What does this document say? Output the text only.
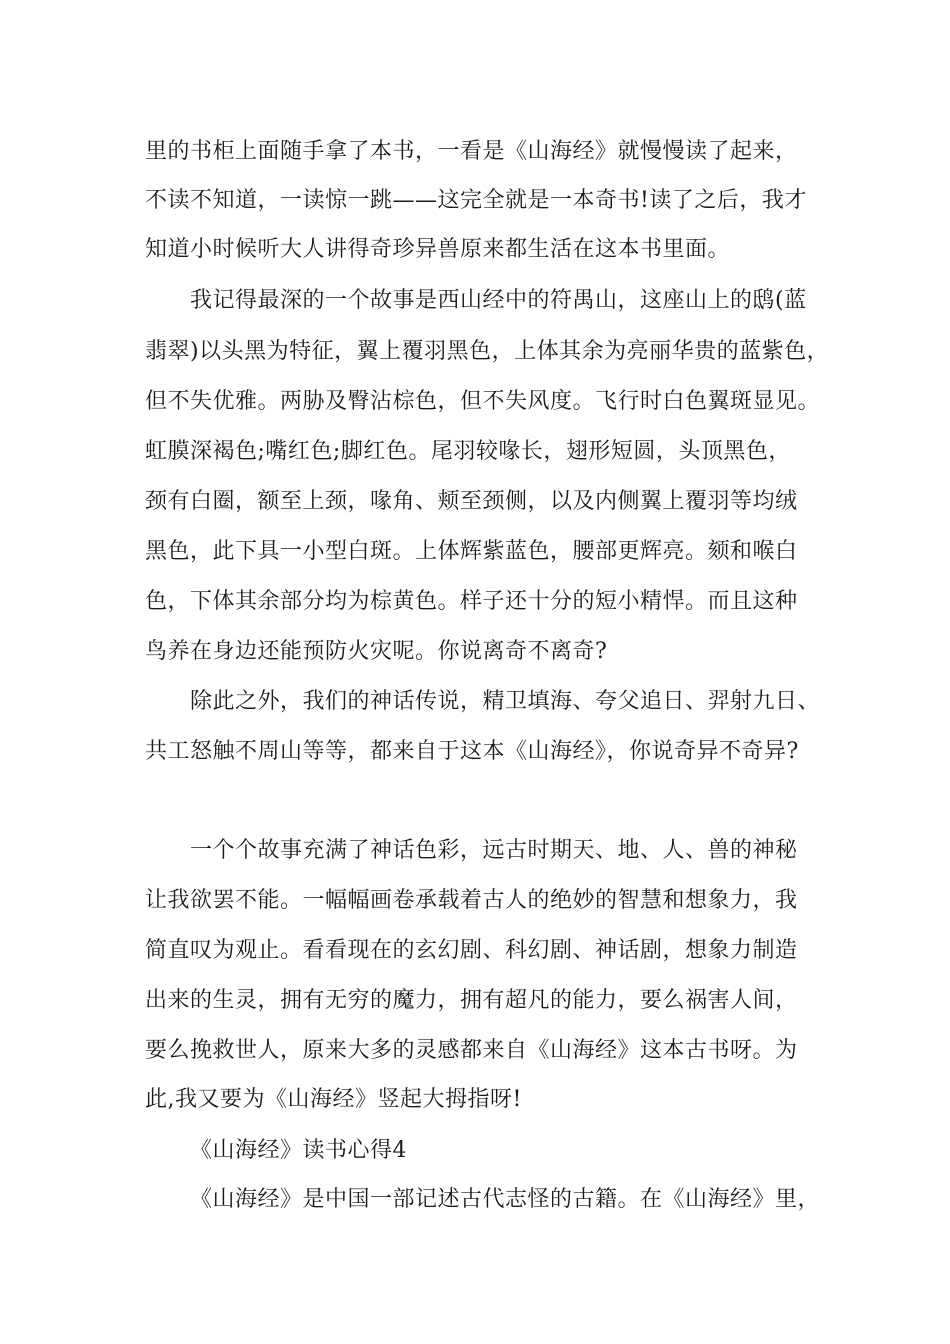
里的书柜上面随手拿了本书，一看是《山海经》就慢慢读了起来，
不读不知道，一读惊一跳——这完全就是一本奇书!读了之后，我才
知道小时候听大人讲得奇珍异兽原来都生活在这本书里面。
我记得最深的一个故事是西山经中的符禺山，这座山上的鸱(蓝
翡翠)以头黑为特征，翼上覆羽黑色，上体其余为亮丽华贵的蓝紫色，
但不失优雅。两胁及臀沾棕色，但不失风度。飞行时白色翼斑显见。
虹膜深褐色;嘴红色;脚红色。尾羽较喙长，翅形短圆，头顶黑色，
颈有白圈，额至上颈，喙角、颊至颈侧，以及内侧翼上覆羽等均绒
黑色，此下具一小型白斑。上体辉紫蓝色，腰部更辉亮。颏和喉白
色，下体其余部分均为棕黄色。样子还十分的短小精悍。而且这种
鸟养在身边还能预防火灾呢。你说离奇不离奇?
除此之外，我们的神话传说，精卫填海、夸父追日、羿射九日、
共工怒触不周山等等，都来自于这本《山海经》，你说奇异不奇异?
一个个故事充满了神话色彩，远古时期天、地、人、兽的神秘
让我欲罢不能。一幅幅画卷承载着古人的绝妙的智慧和想象力，我
简直叹为观止。看看现在的玄幻剧、科幻剧、神话剧，想象力制造
出来的生灵，拥有无穷的魔力，拥有超凡的能力，要么祸害人间，
要么挽救世人，原来大多的灵感都来自《山海经》这本古书呀。为
此,我又要为《山海经》竖起大拇指呀!
《山海经》读书心得4
《山海经》是中国一部记述古代志怪的古籍。在《山海经》里，
